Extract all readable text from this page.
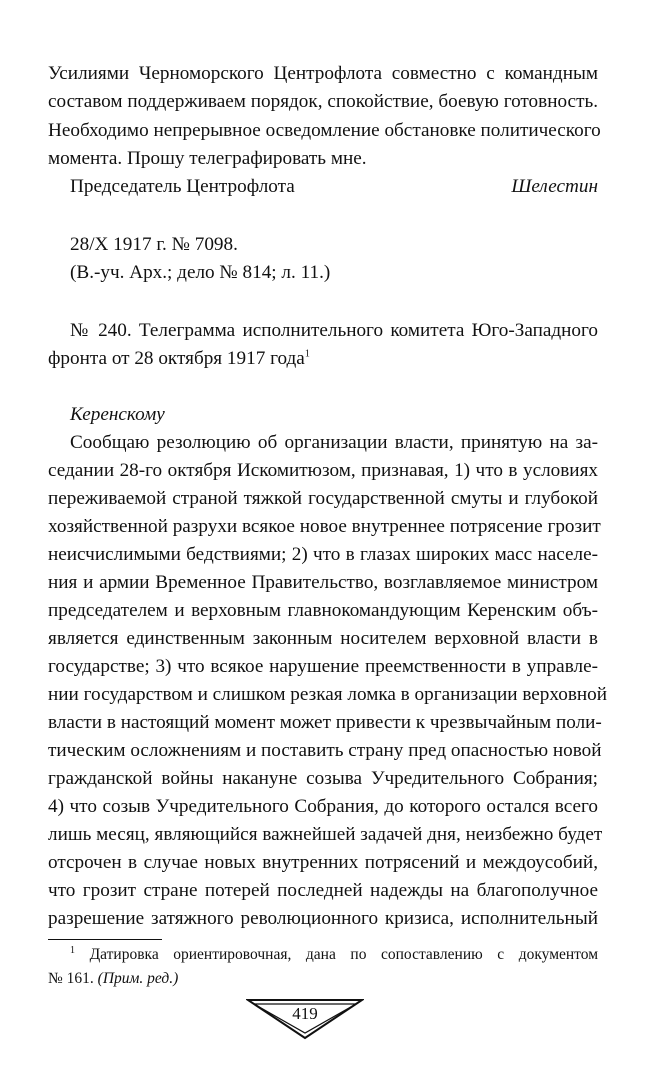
Усилиями Черноморского Центрофлота совместно с командным
составом поддерживаем порядок, спокойствие, боевую готовность.
Необходимо непрерывное осведомление обстановке политического
момента. Прошу телеграфировать мне.
Председатель Центрофлота	Шелестин
28/X 1917 г. № 7098.
(В.-уч. Арх.; дело № 814; л. 11.)
№ 240. Телеграмма исполнительного комитета Юго-Западного
фронта от 28 октября 1917 года$^1$
Керенскому
Сообщаю резолюцию об организации власти, принятую на за-
седании 28-го октября Искомитюзом, признавая, 1) что в условиях
переживаемой страной тяжкой государственной смуты и глубокой
хозяйственной разрухи всякое новое внутреннее потрясение грозит
неисчислимыми бедствиями; 2) что в глазах широких масс населе-
ния и армии Временное Правительство, возглавляемое министром
председателем и верховным главнокомандующим Керенским объ-
является единственным законным носителем верховной власти в
государстве; 3) что всякое нарушение преемственности в управле-
нии государством и слишком резкая ломка в организации верховной
власти в настоящий момент может привести к чрезвычайным поли-
тическим осложнениям и поставить страну пред опасностью новой
гражданской войны накануне созыва Учредительного Собрания;
4) что созыв Учредительного Собрания, до которого остался всего
лишь месяц, являющийся важнейшей задачей дня, неизбежно будет
отсрочен в случае новых внутренних потрясений и междоусобий,
что грозит стране потерей последней надежды на благополучное
разрешение затяжного революционного кризиса, исполнительный
$^1$ Датировка ориентировочная, дана по сопоставлению с документом
№ 161. (Прим. ред.)
419
